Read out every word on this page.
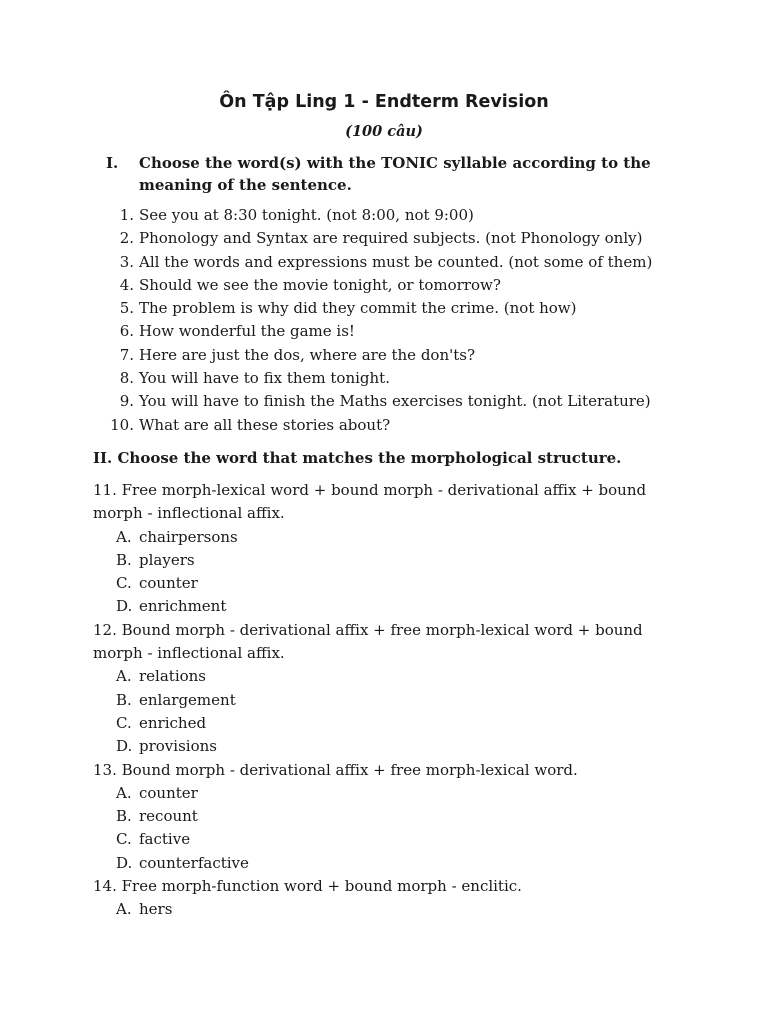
Ôn Tập Ling 1 - Endterm Revision
(100 câu)
I. Choose the word(s) with the TONIC syllable according to the meaning of the sentence.
1. See you at 8:30 tonight. (not 8:00, not 9:00)
2. Phonology and Syntax are required subjects. (not Phonology only)
3. All the words and expressions must be counted. (not some of them)
4. Should we see the movie tonight, or tomorrow?
5. The problem is why did they commit the crime. (not how)
6. How wonderful the game is!
7. Here are just the dos, where are the don'ts?
8. You will have to fix them tonight.
9. You will have to finish the Maths exercises tonight. (not Literature)
10. What are all these stories about?
II. Choose the word that matches the morphological structure.
11. Free morph-lexical word + bound morph - derivational affix + bound morph - inflectional affix.
A. chairpersons
B. players
C. counter
D. enrichment
12. Bound morph - derivational affix + free morph-lexical word + bound morph - inflectional affix.
A. relations
B. enlargement
C. enriched
D. provisions
13. Bound morph - derivational affix + free morph-lexical word.
A. counter
B. recount
C. factive
D. counterfactive
14. Free morph-function word + bound morph - enclitic.
A. hers
